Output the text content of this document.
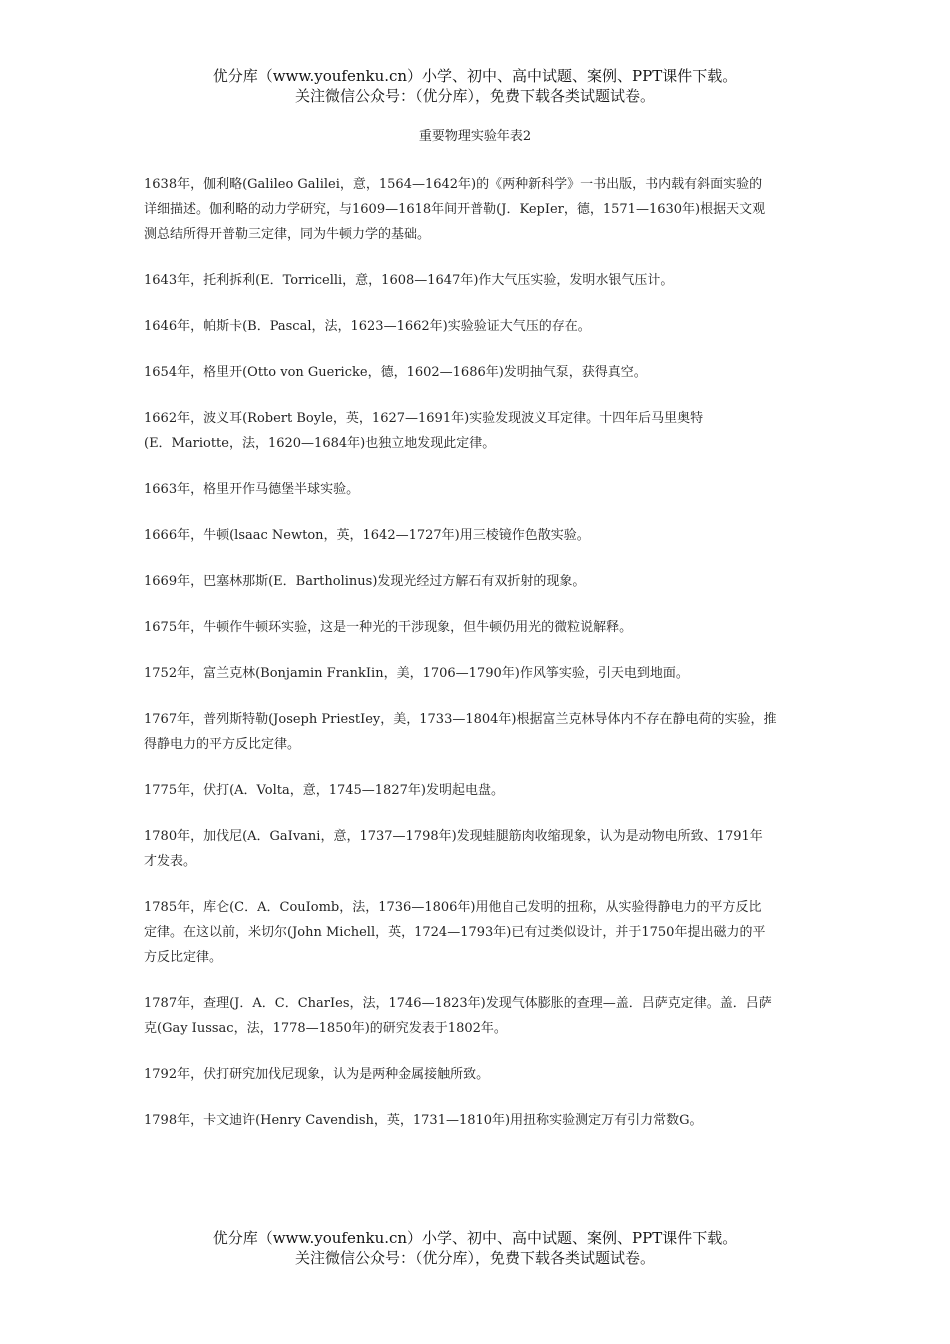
优分库（www.youfenku.cn）小学、初中、高中试题、案例、PPT课件下载。
关注微信公众号：（优分库），免费下载各类试题试卷。
重要物理实验年表2
1638年，伽利略(Galileo Galilei，意，1564—1642年)的《两种新科学》一书出版，书内载有斜面实验的
详细描述。伽利略的动力学研究，与1609—1618年间开普勒(J．KepIer，德，1571—1630年)根据天文观
测总结所得开普勒三定律，同为牛顿力学的基础。
1643年，托利拆利(E．Torricelli，意，1608—1647年)作大气压实验，发明水银气压计。
1646年，帕斯卡(B．Pascal，法，1623—1662年)实验验证大气压的存在。
1654年，格里开(Otto von Guericke，德，1602—1686年)发明抽气泵，获得真空。
1662年，波义耳(Robert Boyle，英，1627—1691年)实验发现波义耳定律。十四年后马里奥特
(E．Mariotte，法，1620—1684年)也独立地发现此定律。
1663年，格里开作马德堡半球实验。
1666年，牛顿(lsaac Newton，英，1642—1727年)用三棱镜作色散实验。
1669年，巴塞林那斯(E．Bartholinus)发现光经过方解石有双折射的现象。
1675年，牛顿作牛顿环实验，这是一种光的干涉现象，但牛顿仍用光的微粒说解释。
1752年，富兰克林(Bonjamin FrankIin，美，1706—1790年)作风筝实验，引天电到地面。
1767年，普列斯特勒(Joseph PriestIey，美，1733—1804年)根据富兰克林导体内不存在静电荷的实验，推
得静电力的平方反比定律。
1775年，伏打(A．Volta，意，1745—1827年)发明起电盘。
1780年，加伐尼(A．GaIvani，意，1737—1798年)发现蛙腿筋肉收缩现象，认为是动物电所致、1791年
才发表。
1785年，库仑(C．A．CouIomb，法，1736—1806年)用他自己发明的扭称，从实验得静电力的平方反比
定律。在这以前，米切尔(John Michell，英，1724—1793年)已有过类似设计，并于1750年提出磁力的平
方反比定律。
1787年，查理(J．A．C．CharIes，法，1746—1823年)发现气体膨胀的查理—盖．吕萨克定律。盖．吕萨
克(Gay Iussac，法，1778—1850年)的研究发表于1802年。
1792年，伏打研究加伐尼现象，认为是两种金属接触所致。
1798年，卡文迪许(Henry Cavendish，英，1731—1810年)用扭称实验测定万有引力常数G。
优分库（www.youfenku.cn）小学、初中、高中试题、案例、PPT课件下载。
关注微信公众号：（优分库），免费下载各类试题试卷。
